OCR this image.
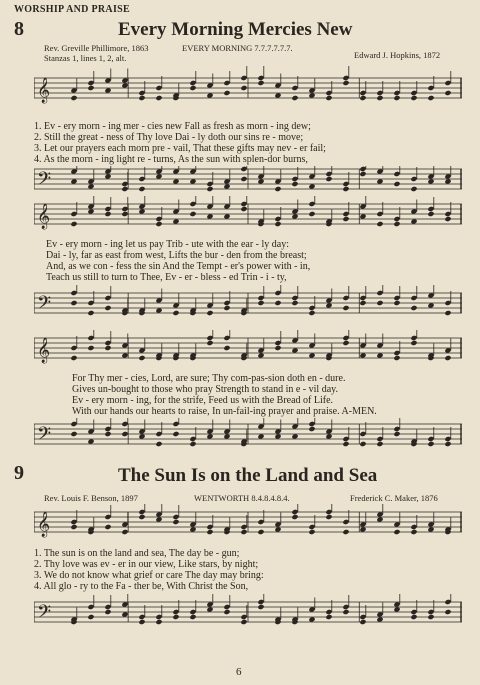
WORSHIP AND PRAISE
8	Every Morning Mercies New
Rev. Greville Phillimore, 1863
Stanzas 1, lines 1, 2, alt.
EVERY MORNING 7.7.7.7.7.7.
Edward J. Hopkins, 1872
𝄞
1. Ev - ery morn - ing mer - cies new Fall as fresh as morn - ing dew;
2. Still the great - ness of Thy love Dai - ly doth our sins re - move;
3. Let our prayers each morn pre - vail, That these gifts may nev - er fail;
4. As the morn - ing light re - turns, As the sun with splen-dor burns,
𝄢
𝄞
Ev - ery morn - ing let us pay Trib - ute with the ear - ly day:
Dai - ly, far as east from west, Lifts the bur - den from the breast;
And, as we con - fess the sin And the Tempt - er's power with - in,
Teach us still to turn to Thee, Ev - er - bless - ed Trin - i - ty,
𝄢
𝄞
For Thy mer - cies, Lord, are sure; Thy com-pas-sion doth en - dure.
Gives un-bought to those who pray Strength to stand in e - vil day.
Ev - ery morn - ing, for the strife, Feed us with the Bread of Life.
With our hands our hearts to raise, In un-fail-ing prayer and praise. A-MEN.
𝄢
9	The Sun Is on the Land and Sea
Rev. Louis F. Benson, 1897	WENTWORTH 8.4.8.4.8.4.	Frederick C. Maker, 1876
𝄞
1. The sun is on the land and sea, The day be - gun;
2. Thy love was ev - er in our view, Like stars, by night;
3. We do not know what grief or care The day may bring:
4. All glo - ry to the Fa - ther be, With Christ the Son,
𝄢
6
